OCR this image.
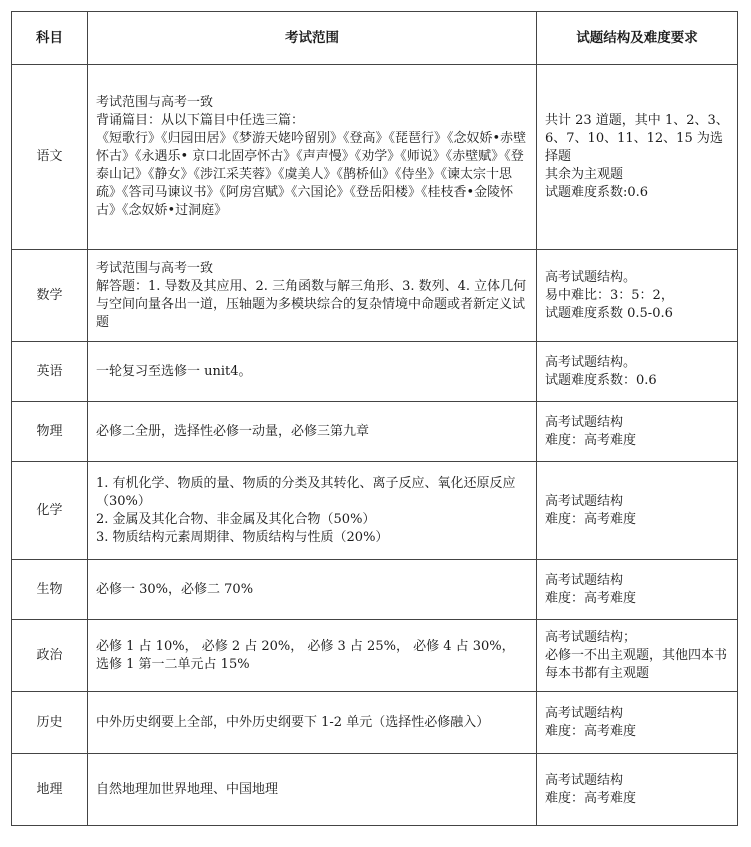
科目	考试范围	试题结构及难度要求
语文	考试范围与高考一致
背诵篇目：从以下篇目中任选三篇：
《短歌行》《归园田居》《梦游天姥吟留别》《登高》《琵琶行》《念奴娇•赤壁怀古》《永遇乐• 京口北固亭怀古》《声声慢》《劝学》《师说》《赤壁赋》《登泰山记》《静女》《涉江采芙蓉》《虞美人》《鹊桥仙》《侍坐》《谏太宗十思疏》《答司马谏议书》《阿房宫赋》《六国论》《登岳阳楼》《桂枝香•金陵怀古》《念奴娇•过洞庭》	共计 23 道题，其中 1、2、3、6、7、10、11、12、15 为选择题
其余为主观题
试题难度系数:0.6

数学	考试范围与高考一致
解答题：1. 导数及其应用、2. 三角函数与解三角形、3. 数列、4. 立体几何与空间向量各出一道，压轴题为多模块综合的复杂情境中命题或者新定义试题	高考试题结构。
易中难比：3：5：2，
试题难度系数 0.5-0.6

英语	一轮复习至选修一 unit4。	高考试题结构。
试题难度系数：0.6

物理	必修二全册，选择性必修一动量，必修三第九章	高考试题结构
难度：高考难度

化学	1. 有机化学、物质的量、物质的分类及其转化、离子反应、氧化还原反应（30%）
2. 金属及其化合物、非金属及其化合物（50%）
3. 物质结构元素周期律、物质结构与性质（20%）	高考试题结构
难度：高考难度

生物	必修一 30%，必修二 70%	高考试题结构
难度：高考难度

政治	必修 1 占 10%， 必修 2 占 20%， 必修 3 占 25%， 必修 4 占 30%， 选修 1 第一二单元占 15%	高考试题结构；
必修一不出主观题，其他四本书每本书都有主观题

历史	中外历史纲要上全部，中外历史纲要下 1-2 单元（选择性必修融入）	高考试题结构
难度：高考难度

地理	自然地理加世界地理、中国地理	高考试题结构
难度：高考难度
